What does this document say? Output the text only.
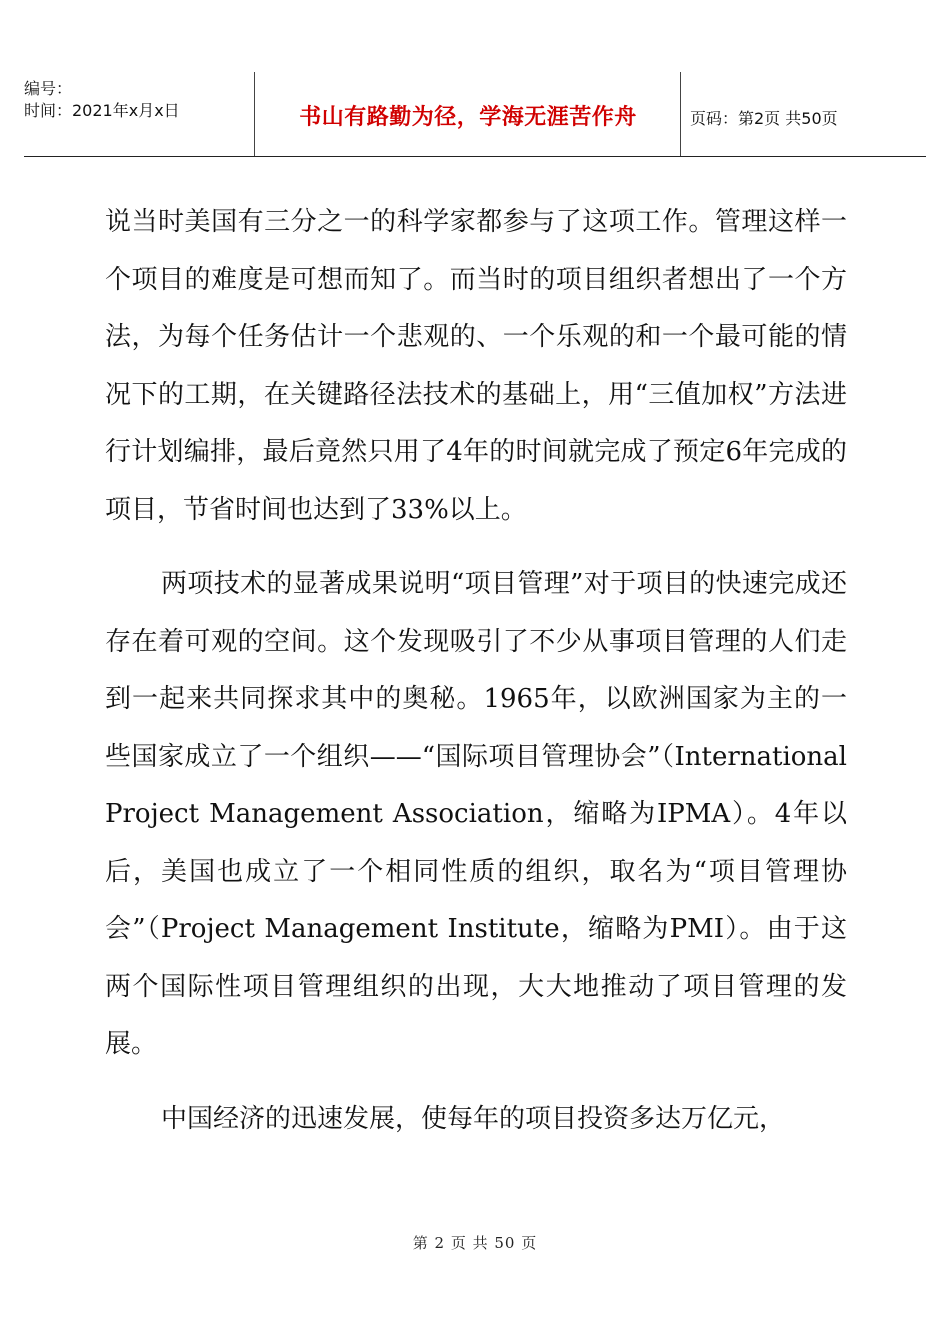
编号：
时间：2021年x月x日	书山有路勤为径，学海无涯苦作舟	页码：第2页 共50页

说当时美国有三分之一的科学家都参与了这项工作。管理这样一个项目的难度是可想而知了。而当时的项目组织者想出了一个方法，为每个任务估计一个悲观的、一个乐观的和一个最可能的情况下的工期，在关键路径法技术的基础上，用“三值加权”方法进行计划编排，最后竟然只用了4年的时间就完成了预定6年完成的项目，节省时间也达到了33%以上。

两项技术的显著成果说明“项目管理”对于项目的快速完成还存在着可观的空间。这个发现吸引了不少从事项目管理的人们走到一起来共同探求其中的奥秘。1965年，以欧洲国家为主的一些国家成立了一个组织——“国际项目管理协会”（International Project Management Association，缩略为IPMA）。4年以后，美国也成立了一个相同性质的组织，取名为“项目管理协会”（Project Management Institute，缩略为PMI）。由于这两个国际性项目管理组织的出现，大大地推动了项目管理的发展。

中国经济的迅速发展，使每年的项目投资多达万亿元，

第 2 页 共 50 页
